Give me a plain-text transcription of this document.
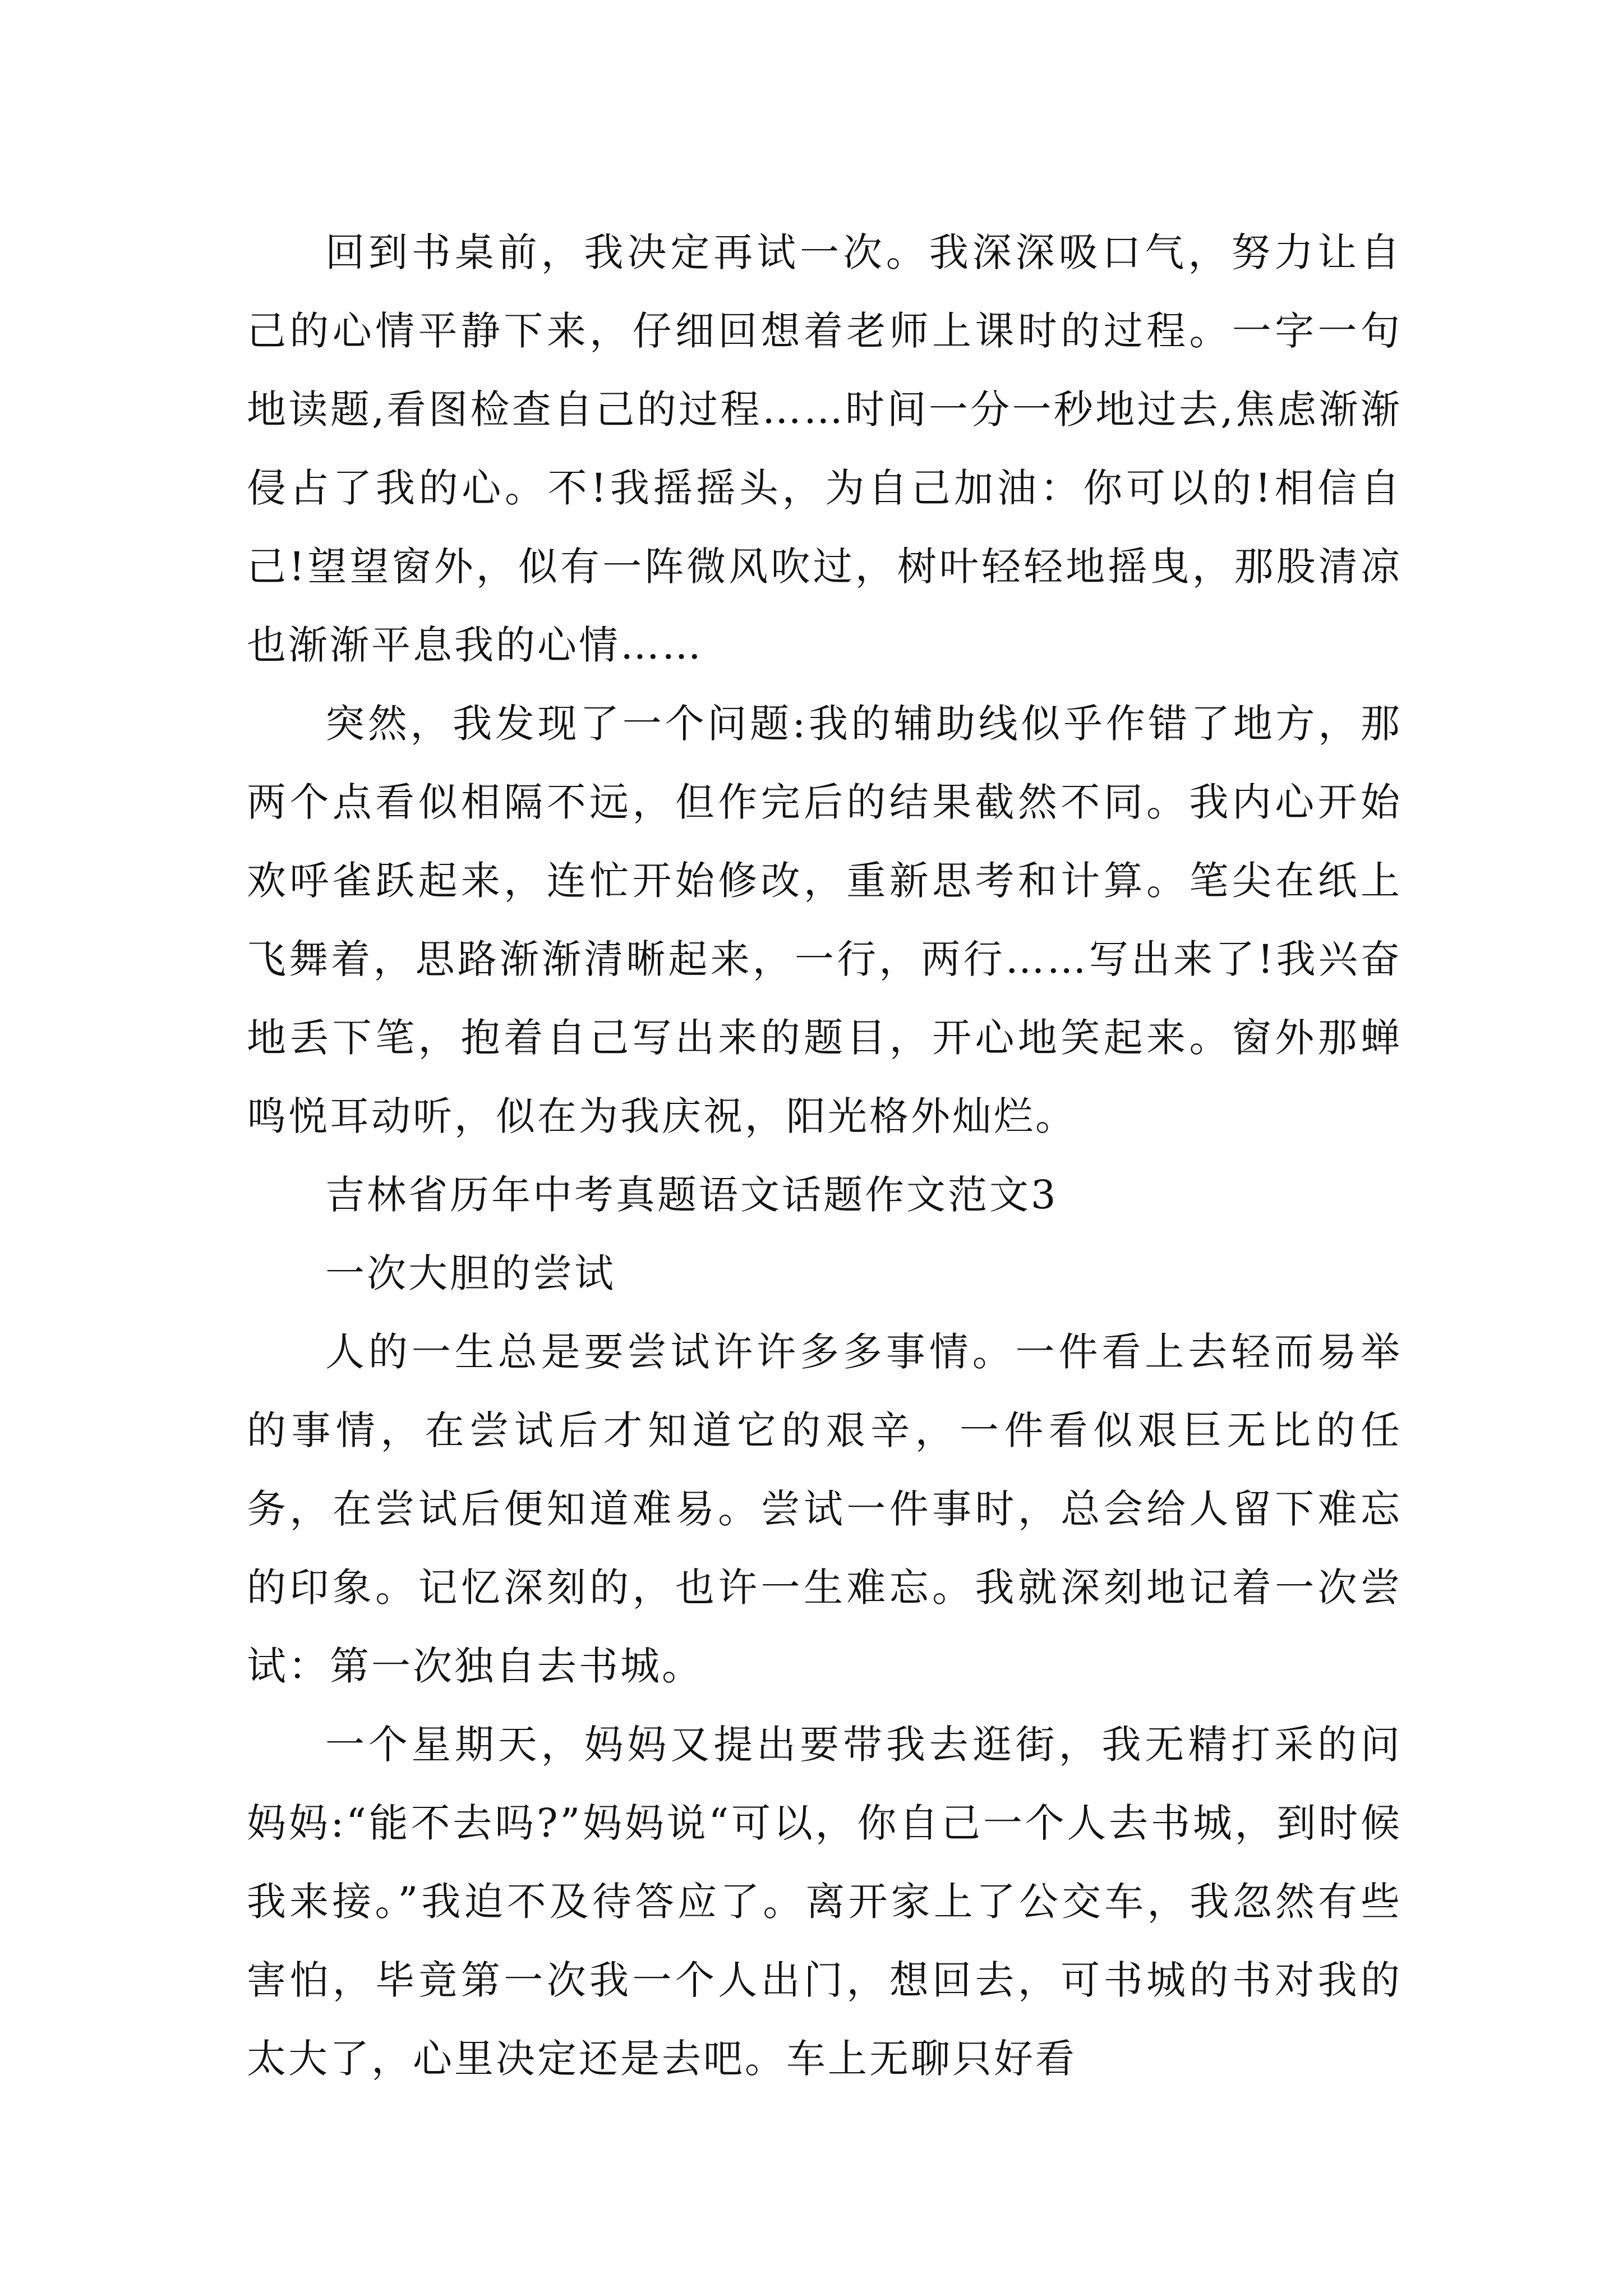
回到书桌前，我决定再试一次。我深深吸口气，努力让自己的心情平静下来，仔细回想着老师上课时的过程。一字一句地读题,看图检查自己的过程……时间一分一秒地过去,焦虑渐渐侵占了我的心。不!我摇摇头，为自己加油：你可以的!相信自己!望望窗外，似有一阵微风吹过，树叶轻轻地摇曳，那股清凉也渐渐平息我的心情……

突然，我发现了一个问题:我的辅助线似乎作错了地方，那两个点看似相隔不远，但作完后的结果截然不同。我内心开始欢呼雀跃起来，连忙开始修改，重新思考和计算。笔尖在纸上飞舞着，思路渐渐清晰起来，一行，两行……写出来了!我兴奋地丢下笔，抱着自己写出来的题目，开心地笑起来。窗外那蝉鸣悦耳动听，似在为我庆祝，阳光格外灿烂。

吉林省历年中考真题语文话题作文范文3

一次大胆的尝试

人的一生总是要尝试许许多多事情。一件看上去轻而易举的事情，在尝试后才知道它的艰辛，一件看似艰巨无比的任务，在尝试后便知道难易。尝试一件事时，总会给人留下难忘的印象。记忆深刻的，也许一生难忘。我就深刻地记着一次尝试：第一次独自去书城。

一个星期天，妈妈又提出要带我去逛街，我无精打采的问妈妈:“能不去吗?”妈妈说“可以，你自己一个人去书城，到时候我来接。”我迫不及待答应了。离开家上了公交车，我忽然有些害怕，毕竟第一次我一个人出门，想回去，可书城的书对我的太大了，心里决定还是去吧。车上无聊只好看
